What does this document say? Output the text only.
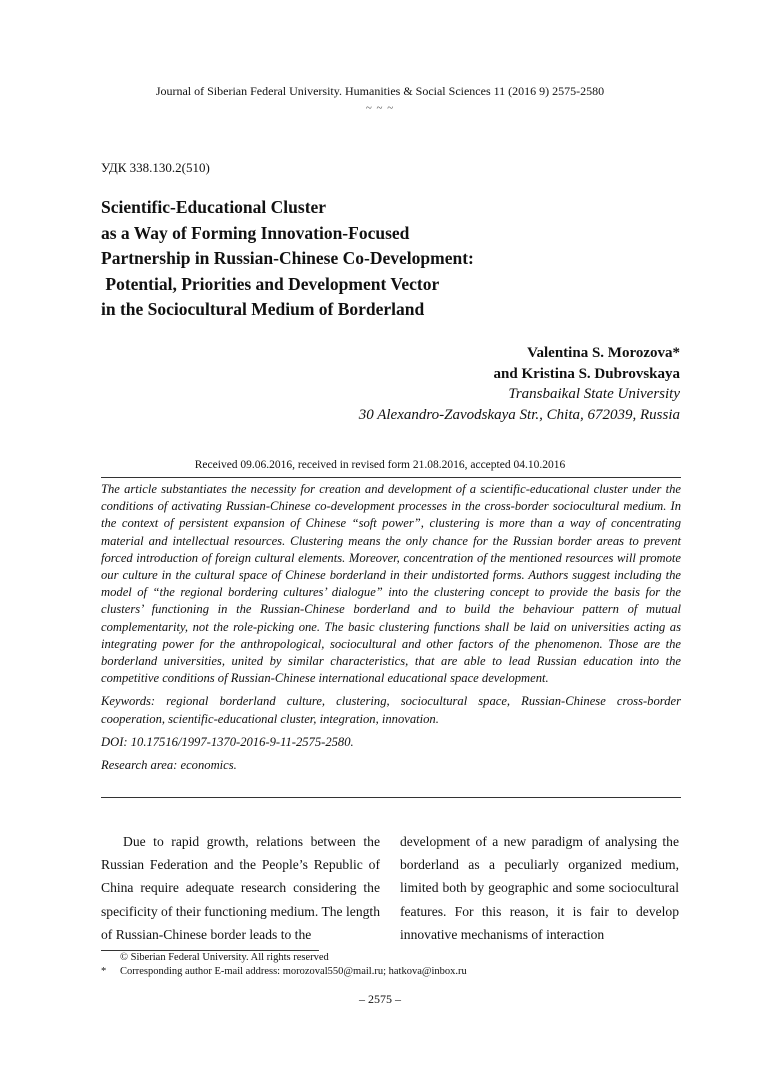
Journal of Siberian Federal University. Humanities & Social Sciences 11 (2016 9) 2575-2580
~ ~ ~
УДК 338.130.2(510)
Scientific-Educational Cluster
as a Way of Forming Innovation-Focused
Partnership in Russian-Chinese Co-Development:
Potential, Priorities and Development Vector
in the Sociocultural Medium of Borderland
Valentina S. Morozova*
and Kristina S. Dubrovskaya
Transbaikal State University
30 Alexandro-Zavodskaya Str., Chita, 672039, Russia
Received 09.06.2016, received in revised form 21.08.2016, accepted 04.10.2016

The article substantiates the necessity for creation and development of a scientific-educational cluster under the conditions of activating Russian-Chinese co-development processes in the cross-border sociocultural medium. In the context of persistent expansion of Chinese “soft power”, clustering is more than a way of concentrating material and intellectual resources. Clustering means the only chance for the Russian border areas to prevent forced introduction of foreign cultural elements. Moreover, concentration of the mentioned resources will promote our culture in the cultural space of Chinese borderland in their undistorted forms. Authors suggest including the model of “the regional bordering cultures’ dialogue” into the clustering concept to provide the basis for the clusters’ functioning in the Russian-Chinese borderland and to build the behaviour pattern of mutual complementarity, not the role-picking one. The basic clustering functions shall be laid on universities acting as integrating power for the anthropological, sociocultural and other factors of the phenomenon. Those are the borderland universities, united by similar characteristics, that are able to lead Russian education into the competitive conditions of Russian-Chinese international educational space development.

Keywords: regional borderland culture, clustering, sociocultural space, Russian-Chinese cross-border cooperation, scientific-educational cluster, integration, innovation.

DOI: 10.17516/1997-1370-2016-9-11-2575-2580.

Research area: economics.

Due to rapid growth, relations between the Russian Federation and the People’s Republic of China require adequate research considering the specificity of their functioning medium. The length of Russian-Chinese border leads to the
development of a new paradigm of analysing the borderland as a peculiarly organized medium, limited both by geographic and some sociocultural features. For this reason, it is fair to develop innovative mechanisms of interaction
© Siberian Federal University. All rights reserved
* Corresponding author E-mail address: morozoval550@mail.ru; hatkova@inbox.ru
– 2575 –
